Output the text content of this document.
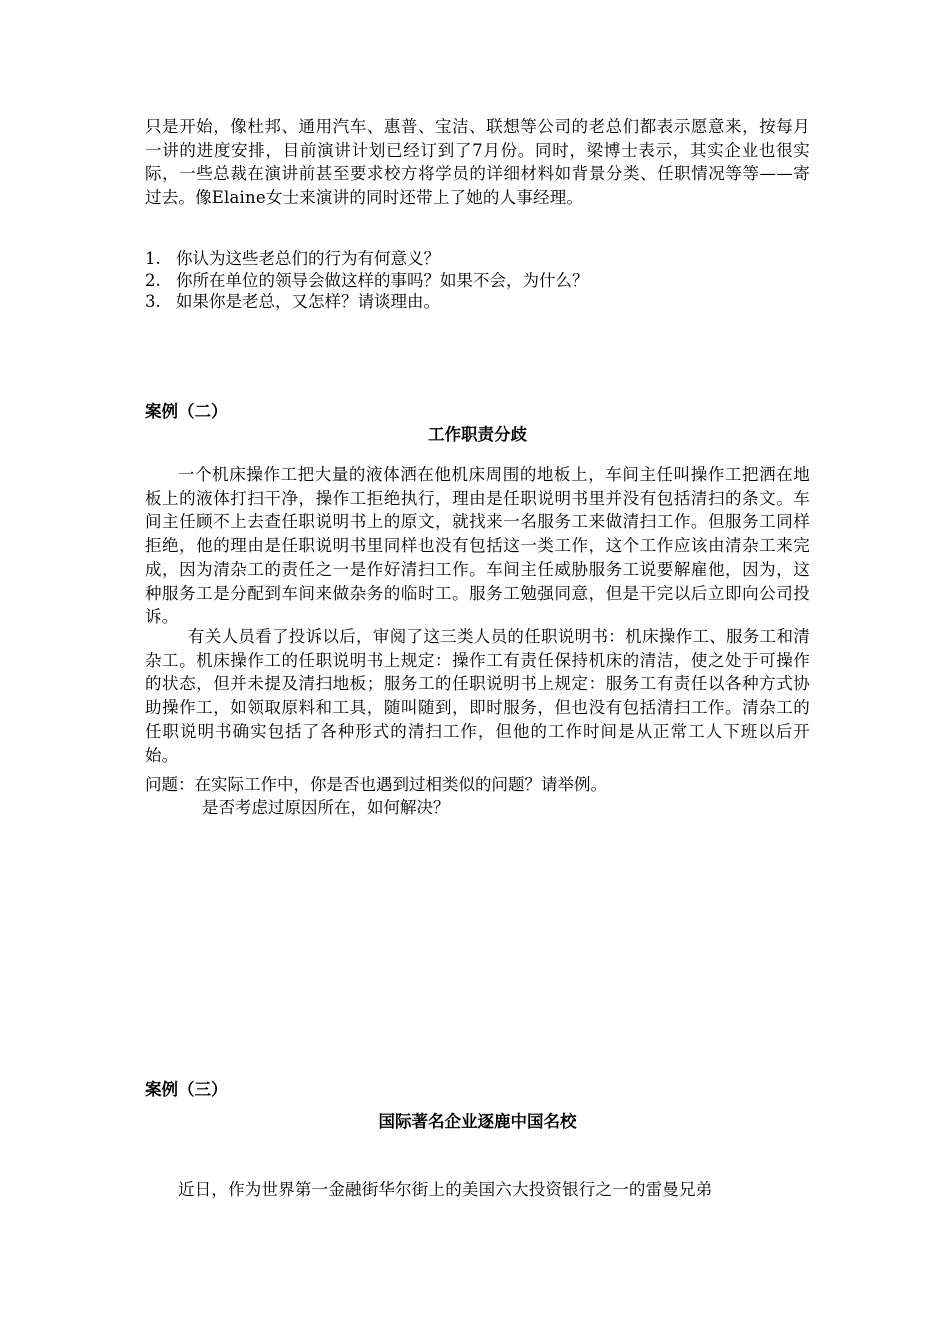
只是开始，像杜邦、通用汽车、惠普、宝洁、联想等公司的老总们都表示愿意来，按每月一讲的进度安排，目前演讲计划已经订到了7月份。同时，梁博士表示，其实企业也很实际，一些总裁在演讲前甚至要求校方将学员的详细材料如背景分类、任职情况等等——寄过去。像Elaine女士来演讲的同时还带上了她的人事经理。
1. 你认为这些老总们的行为有何意义？
2. 你所在单位的领导会做这样的事吗？如果不会，为什么？
3. 如果你是老总，又怎样？请谈理由。
案例（二）
工作职责分歧
一个机床操作工把大量的液体洒在他机床周围的地板上，车间主任叫操作工把洒在地板上的液体打扫干净，操作工拒绝执行，理由是任职说明书里并没有包括清扫的条文。车间主任顾不上去查任职说明书上的原文，就找来一名服务工来做清扫工作。但服务工同样拒绝，他的理由是任职说明书里同样也没有包括这一类工作，这个工作应该由清杂工来完成，因为清杂工的责任之一是作好清扫工作。车间主任威胁服务工说要解雇他，因为，这种服务工是分配到车间来做杂务的临时工。服务工勉强同意，但是干完以后立即向公司投诉。
有关人员看了投诉以后，审阅了这三类人员的任职说明书：机床操作工、服务工和清杂工。机床操作工的任职说明书上规定：操作工有责任保持机床的清洁，使之处于可操作的状态，但并未提及清扫地板；服务工的任职说明书上规定：服务工有责任以各种方式协助操作工，如领取原料和工具，随叫随到，即时服务，但也没有包括清扫工作。清杂工的任职说明书确实包括了各种形式的清扫工作，但他的工作时间是从正常工人下班以后开始。
问题：在实际工作中，你是否也遇到过相类似的问题？请举例。
是否考虑过原因所在，如何解决？
案例（三）
国际著名企业逐鹿中国名校
近日，作为世界第一金融街华尔街上的美国六大投资银行之一的雷曼兄弟
